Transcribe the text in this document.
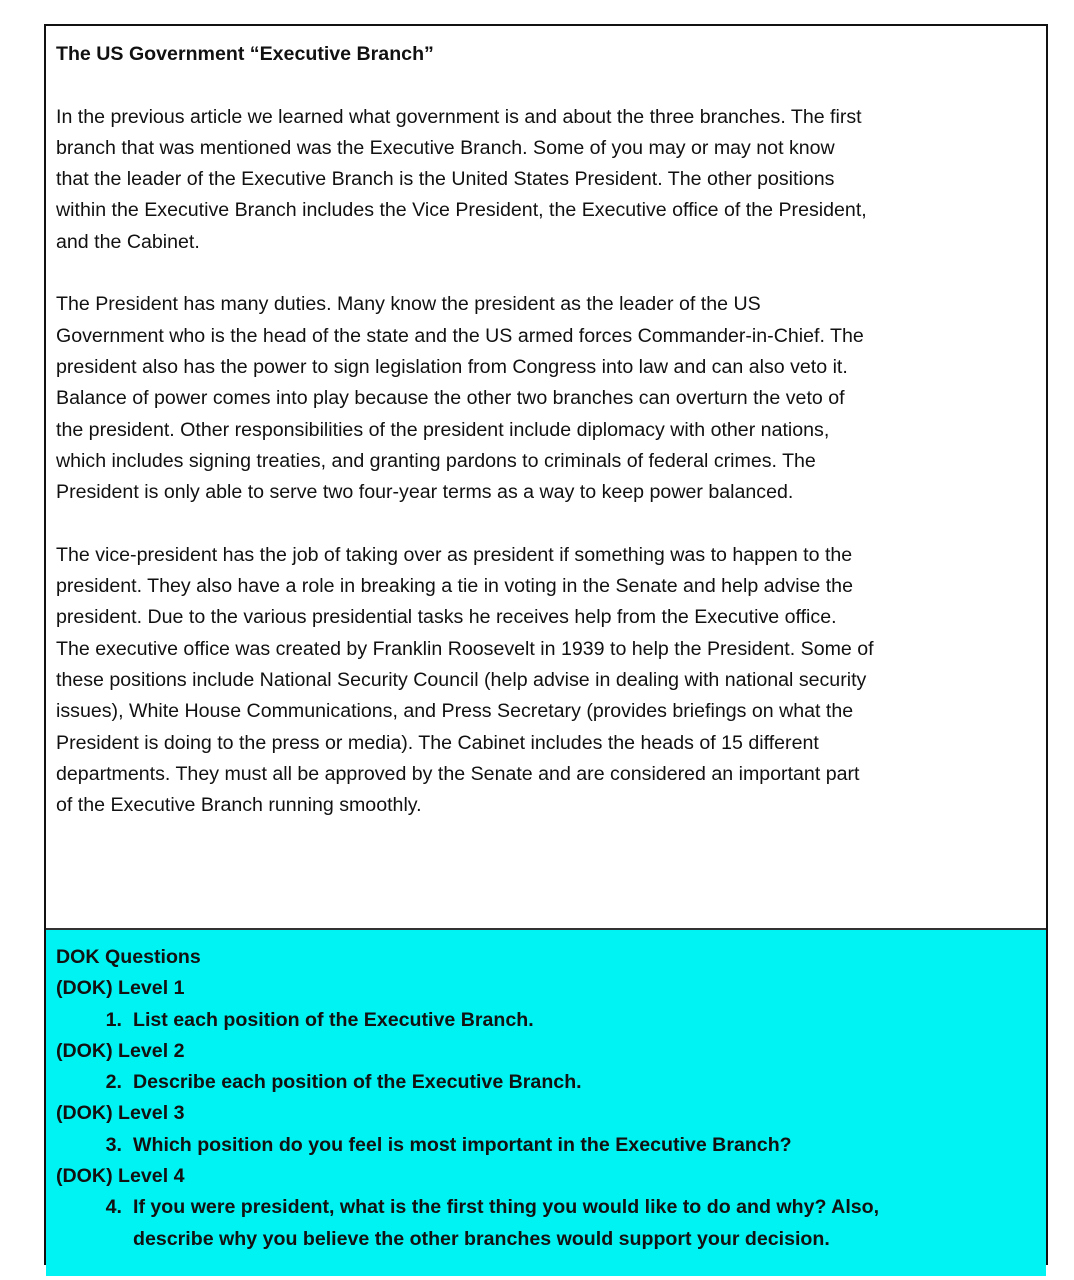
The US Government “Executive Branch”
In the previous article we learned what government is and about the three branches. The first
branch that was mentioned was the Executive Branch. Some of you may or may not know
that the leader of the Executive Branch is the United States President. The other positions
within the Executive Branch includes the Vice President, the Executive office of the President,
and the Cabinet.
The President has many duties. Many know the president as the leader of the US
Government who is the head of the state and the US armed forces Commander-in-Chief. The
president also has the power to sign legislation from Congress into law and can also veto it.
Balance of power comes into play because the other two branches can overturn the veto of
the president. Other responsibilities of the president include diplomacy with other nations,
which includes signing treaties, and granting pardons to criminals of federal crimes. The
President is only able to serve two four-year terms as a way to keep power balanced.
The vice-president has the job of taking over as president if something was to happen to the
president. They also have a role in breaking a tie in voting in the Senate and help advise the
president. Due to the various presidential tasks he receives help from the Executive office.
The executive office was created by Franklin Roosevelt in 1939 to help the President. Some of
these positions include National Security Council (help advise in dealing with national security
issues), White House Communications, and Press Secretary (provides briefings on what the
President is doing to the press or media). The Cabinet includes the heads of 15 different
departments. They must all be approved by the Senate and are considered an important part
of the Executive Branch running smoothly.
DOK Questions
(DOK) Level 1
1. List each position of the Executive Branch.
(DOK) Level 2
2. Describe each position of the Executive Branch.
(DOK) Level 3
3. Which position do you feel is most important in the Executive Branch?
(DOK) Level 4
4. If you were president, what is the first thing you would like to do and why? Also,
describe why you believe the other branches would support your decision.
